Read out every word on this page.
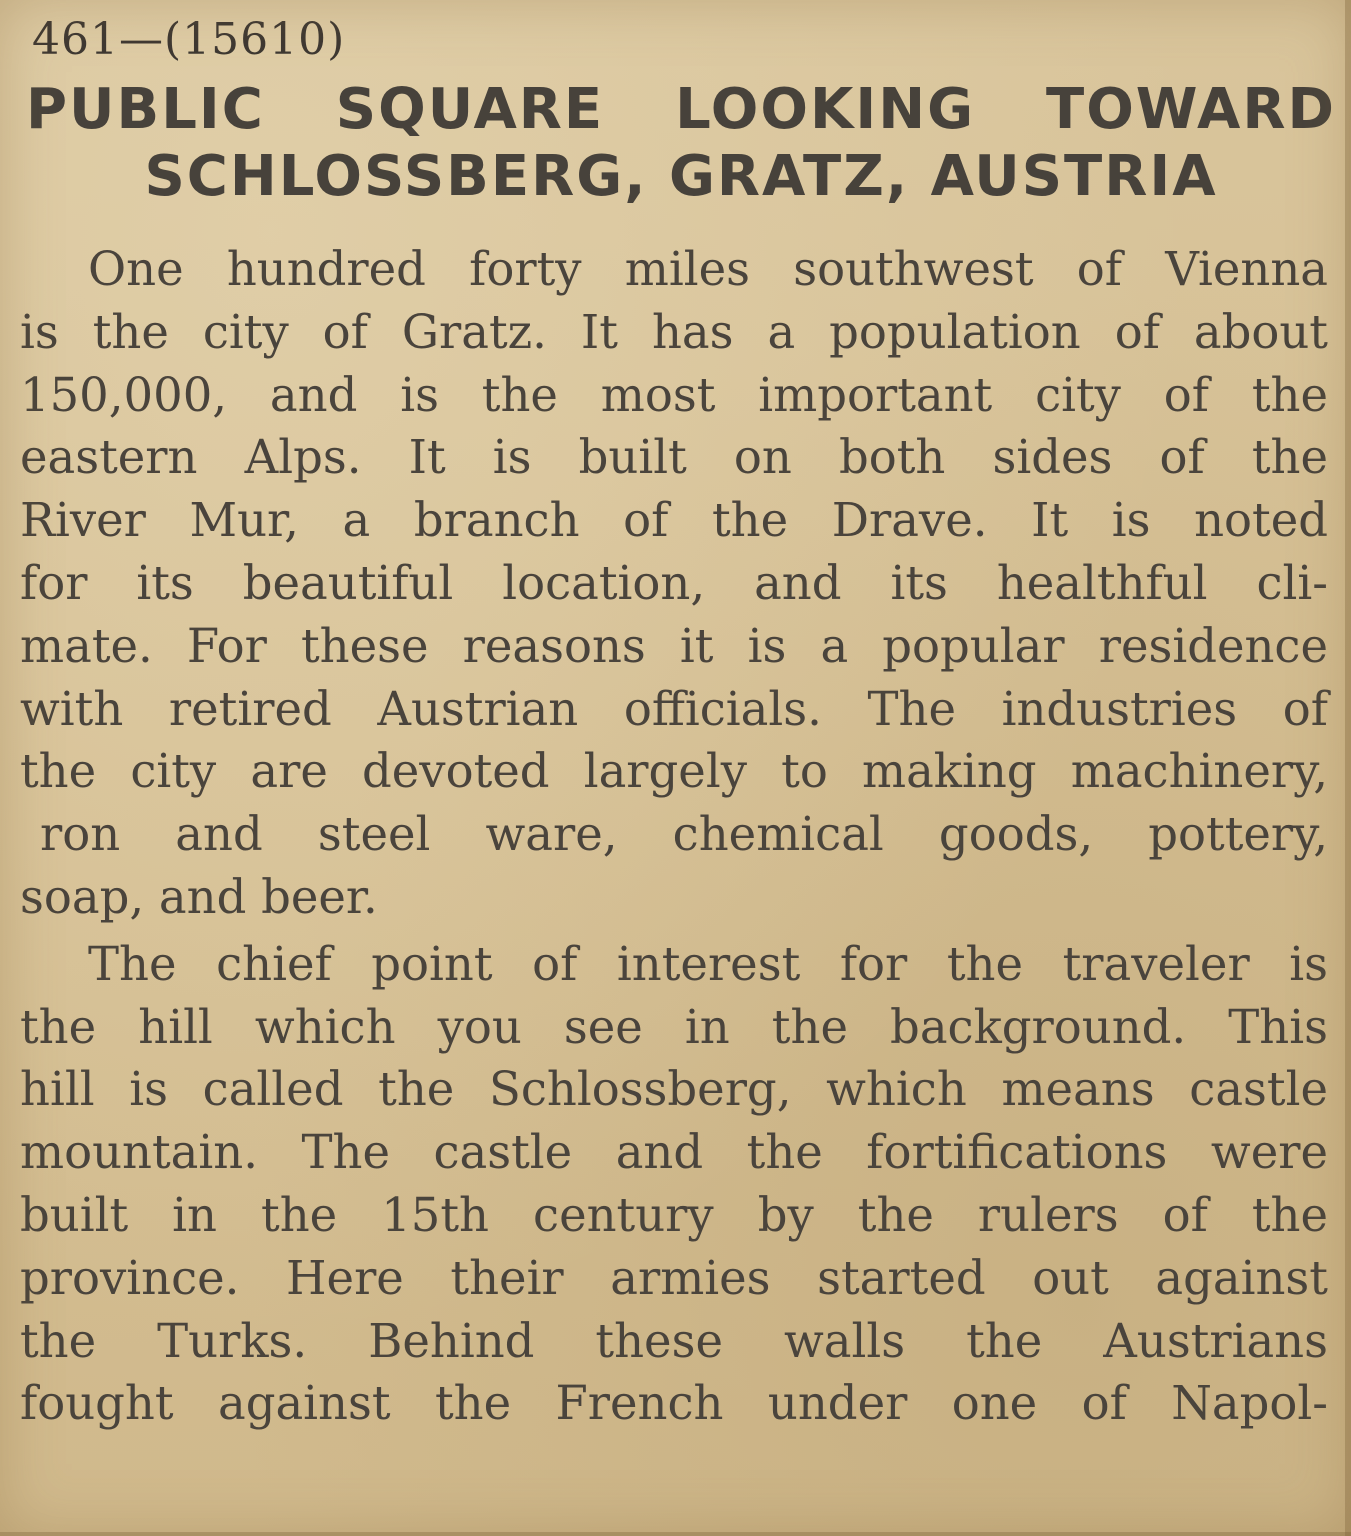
461—(15610)
PUBLIC SQUARE LOOKING TOWARD
SCHLOSSBERG, GRATZ, AUSTRIA
One hundred forty miles southwest of Vienna
is the city of Gratz. It has a population of about
150,000, and is the most important city of the
eastern Alps. It is built on both sides of the
River Mur, a branch of the Drave. It is noted
for its beautiful location, and its healthful cli-
mate. For these reasons it is a popular residence
with retired Austrian officials. The industries of
the city are devoted largely to making machinery,
ron and steel ware, chemical goods, pottery,
soap, and beer.
The chief point of interest for the traveler is
the hill which you see in the background. This
hill is called the Schlossberg, which means castle
mountain. The castle and the fortifications were
built in the 15th century by the rulers of the
province. Here their armies started out against
the Turks. Behind these walls the Austrians
fought against the French under one of Napol-
